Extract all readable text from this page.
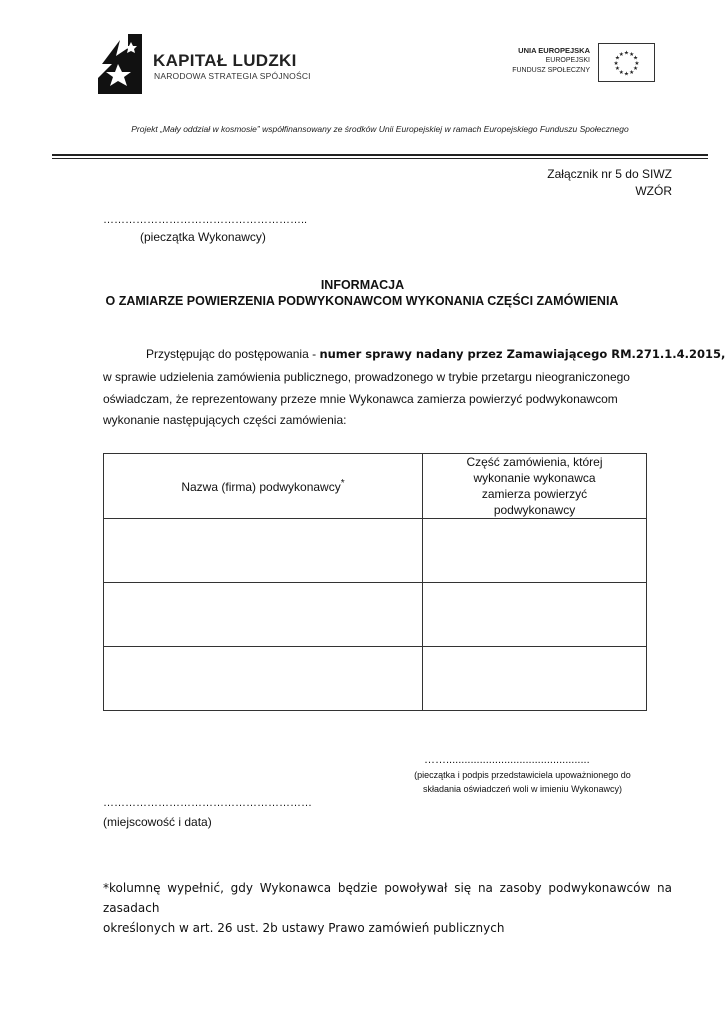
KAPITAŁ LUDZKI
NARODOWA STRATEGIA SPÓJNOŚCI
UNIA EUROPEJSKA
EUROPEJSKI
FUNDUSZ SPOŁECZNY
★ ★
★
★
★
★
★
★
★
★
★
★
Projekt „Mały oddział w kosmosie” współfinansowany ze środków Unii Europejskiej w ramach Europejskiego Funduszu Społecznego
Załącznik nr 5 do SIWZ
WZÓR
………………………………………………..
(pieczątka Wykonawcy)
INFORMACJA
O ZAMIARZE POWIERZENIA PODWYKONAWCOM WYKONANIA CZĘŚCI ZAMÓWIENIA
Przystępując do postępowania - numer sprawy nadany przez Zamawiającego RM.271.1.4.2015,
w sprawie udzielenia zamówienia publicznego, prowadzonego w trybie przetargu nieograniczonego
oświadczam, że reprezentowany przeze mnie Wykonawca zamierza powierzyć podwykonawcom
wykonanie następujących części zamówienia:
Nazwa (firma) podwykonawcy*	Część zamówienia, której
wykonanie wykonawca
zamierza powierzyć
podwykonawcy

……...............................................
(pieczątka i podpis przedstawiciela upoważnionego do
składania oświadczeń woli w imieniu Wykonawcy)
…………………………………………………
(miejscowość i data)
*kolumnę wypełnić, gdy Wykonawca będzie powoływał się na zasoby podwykonawców na zasadach
określonych w art. 26 ust. 2b ustawy Prawo zamówień publicznych
